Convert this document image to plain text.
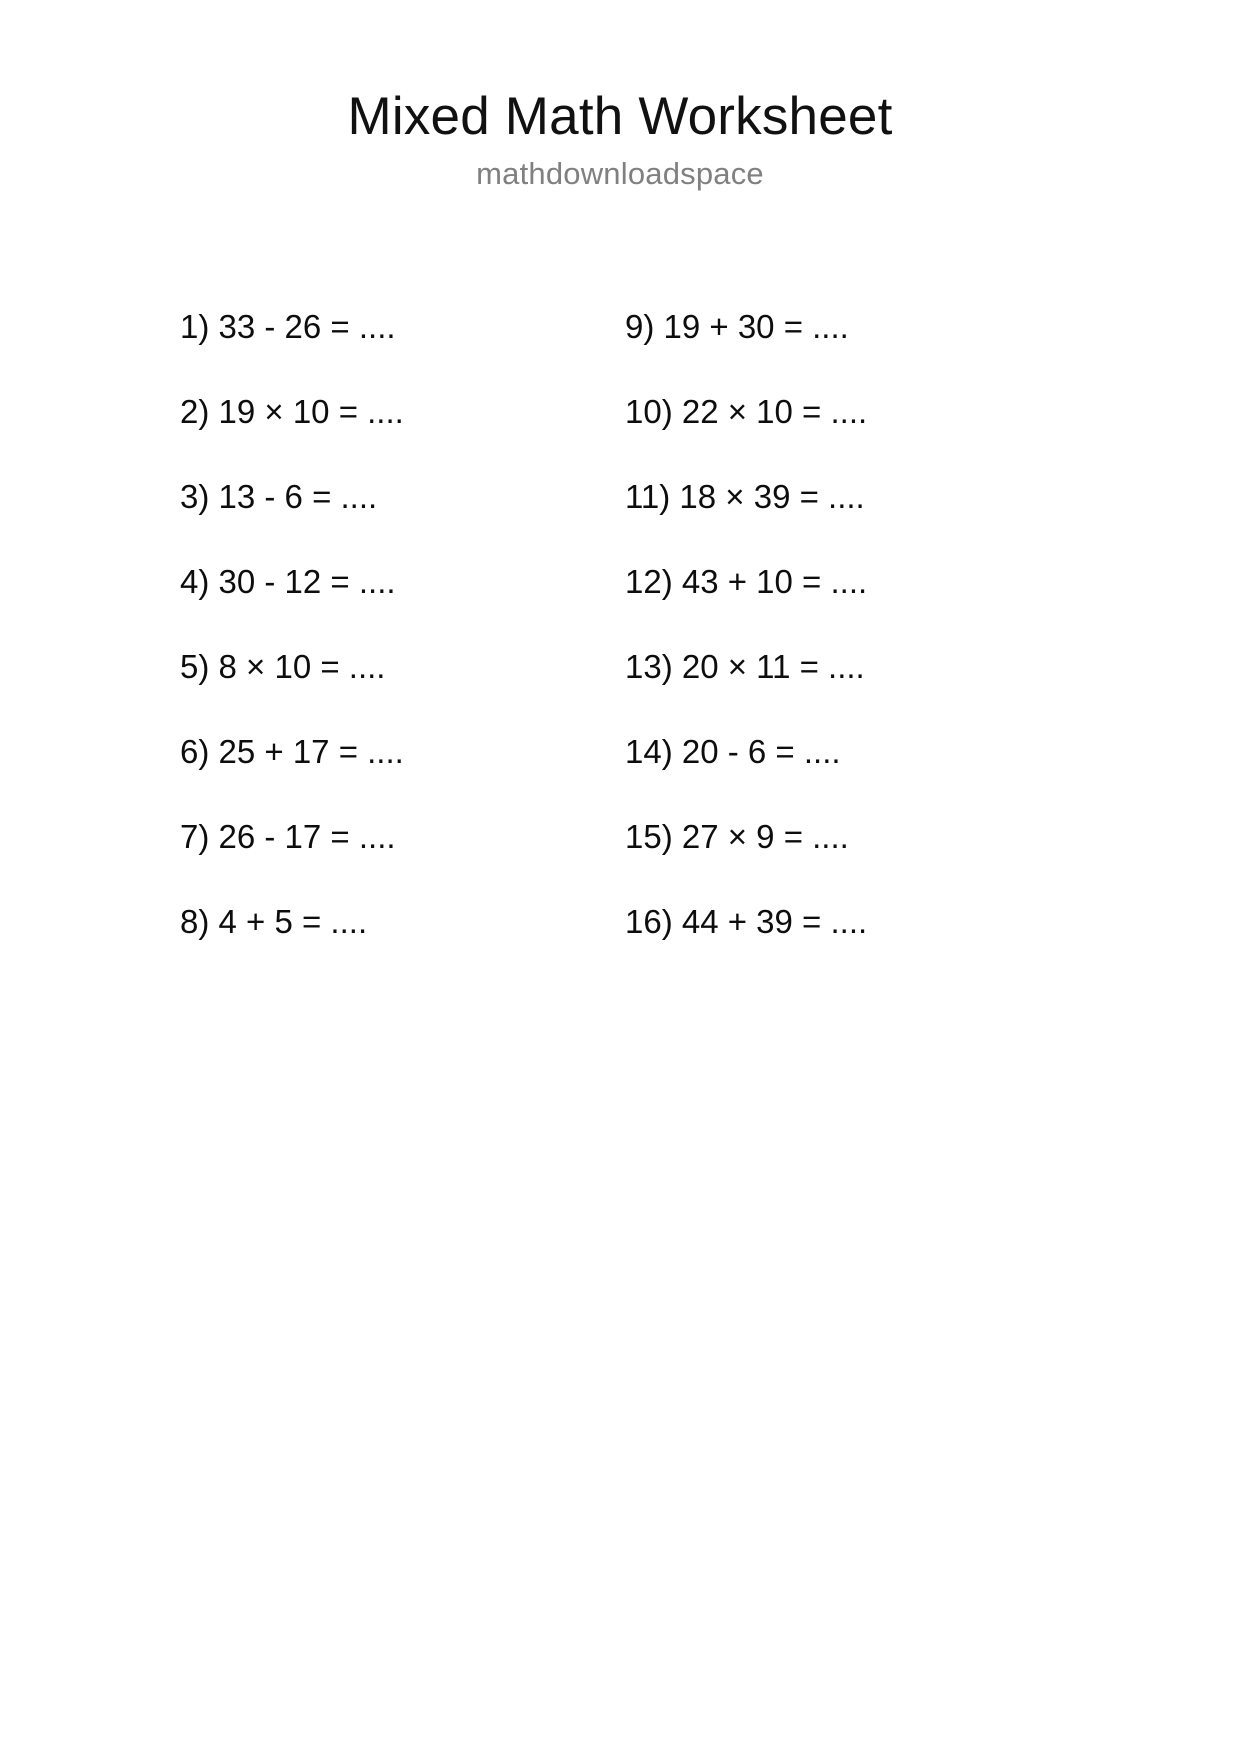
Mixed Math Worksheet
mathdownloadspace
1) 33 - 26 = ....
2) 19 × 10 = ....
3) 13 - 6 = ....
4) 30 - 12 = ....
5) 8 × 10 = ....
6) 25 + 17 = ....
7) 26 - 17 = ....
8) 4 + 5 = ....
9) 19 + 30 = ....
10) 22 × 10 = ....
11) 18 × 39 = ....
12) 43 + 10 = ....
13) 20 × 11 = ....
14) 20 - 6 = ....
15) 27 × 9 = ....
16) 44 + 39 = ....
